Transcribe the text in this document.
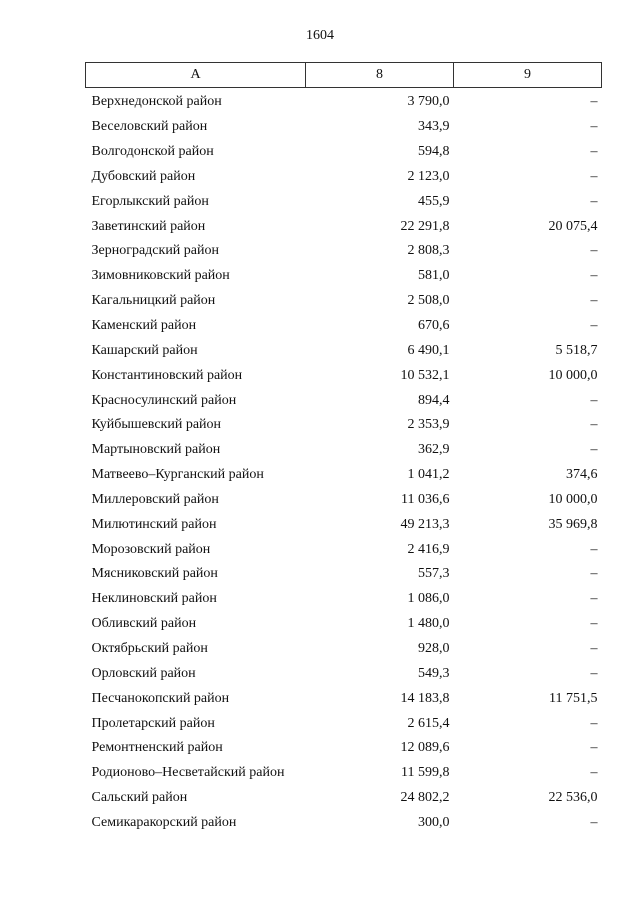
1604
А	8	9
Верхнедонской район	3 790,0	–
Веселовский район	343,9	–
Волгодонской район	594,8	–
Дубовский район	2 123,0	–
Егорлыкский район	455,9	–
Заветинский район	22 291,8	20 075,4
Зерноградский район	2 808,3	–
Зимовниковский район	581,0	–
Кагальницкий район	2 508,0	–
Каменский район	670,6	–
Кашарский район	6 490,1	5 518,7
Константиновский район	10 532,1	10 000,0
Красносулинский район	894,4	–
Куйбышевский район	2 353,9	–
Мартыновский район	362,9	–
Матвеево–Курганский район	1 041,2	374,6
Миллеровский район	11 036,6	10 000,0
Милютинский район	49 213,3	35 969,8
Морозовский район	2 416,9	–
Мясниковский район	557,3	–
Неклиновский район	1 086,0	–
Обливский район	1 480,0	–
Октябрьский район	928,0	–
Орловский район	549,3	–
Песчанокопский район	14 183,8	11 751,5
Пролетарский район	2 615,4	–
Ремонтненский район	12 089,6	–
Родионово–Несветайский район	11 599,8	–
Сальский район	24 802,2	22 536,0
Семикаракорский район	300,0	–
